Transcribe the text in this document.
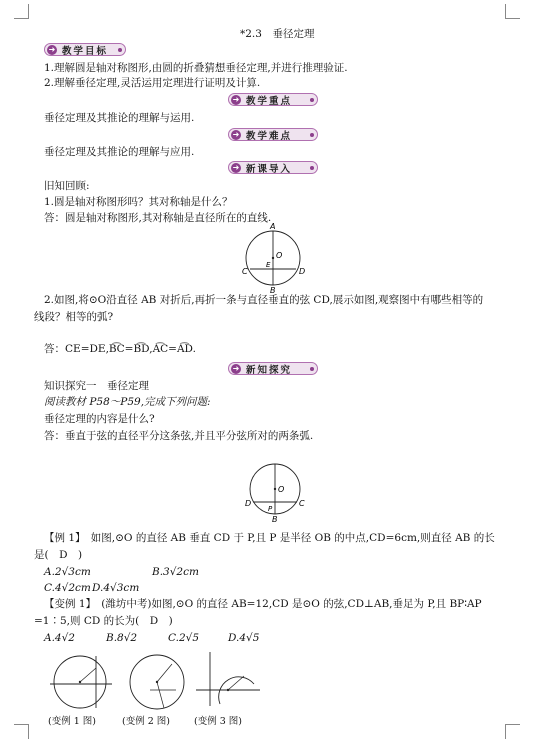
*2.3　垂径定理
➜ 教学目标
1.理解圆是轴对称图形,由圆的折叠猜想垂径定理,并进行推理验证.
2.理解垂径定理,灵活运用定理进行证明及计算.
➜ 教学重点
垂径定理及其推论的理解与运用.
➜ 教学难点
垂径定理及其推论的理解与应用.
➜ 新课导入
旧知回顾:
1.圆是轴对称图形吗？其对称轴是什么？
答：圆是轴对称图形,其对称轴是直径所在的直线.
A
B
C	D
E
O
2.如图,将⊙O沿直径 AB 对折后,再折一条与直径垂直的弦 CD,展示如图,观察图中有哪些相等的
线段？相等的弧?
答：CE=DE,B͡C=B͡D,A͡C=A͡D.
➜ 新知探究
知识探究一　垂径定理
阅读教材 P58～P59,完成下列问题:
垂径定理的内容是什么?
答：垂直于弦的直径平分这条弦,并且平分弦所对的两条弧.
D	C
O
P
B
【例 1】　如图,⊙O 的直径 AB 垂直 CD 于 P,且 P 是半径 OB 的中点,CD=6cm,则直径 AB 的长
是(　D　)
A.2√3cm	B.3√2cm
C.4√2cm D.4√3cm
【变例 1】　(潍坊中考)如图,⊙O 的直径 AB=12,CD 是⊙O 的弦,CD⊥AB,垂足为 P,且 BP∶AP
=1∶5,则 CD 的长为(　D　)
A.4√2	B.8√2	C.2√5	D.4√5
(变例 1 图)	(变例 2 图)	(变例 3 图)
